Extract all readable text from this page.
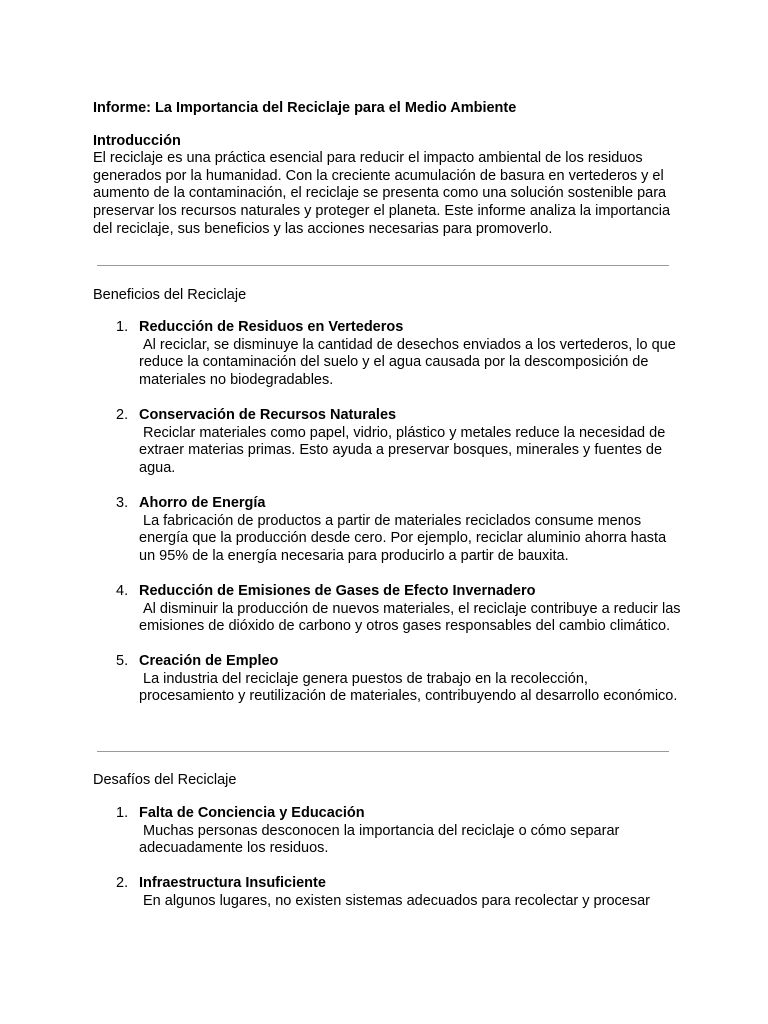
Informe: La Importancia del Reciclaje para el Medio Ambiente
Introducción
El reciclaje es una práctica esencial para reducir el impacto ambiental de los residuos generados por la humanidad. Con la creciente acumulación de basura en vertederos y el aumento de la contaminación, el reciclaje se presenta como una solución sostenible para preservar los recursos naturales y proteger el planeta. Este informe analiza la importancia del reciclaje, sus beneficios y las acciones necesarias para promoverlo.
Beneficios del Reciclaje
1. Reducción de Residuos en Vertederos
Al reciclar, se disminuye la cantidad de desechos enviados a los vertederos, lo que reduce la contaminación del suelo y el agua causada por la descomposición de materiales no biodegradables.
2. Conservación de Recursos Naturales
Reciclar materiales como papel, vidrio, plástico y metales reduce la necesidad de extraer materias primas. Esto ayuda a preservar bosques, minerales y fuentes de agua.
3. Ahorro de Energía
La fabricación de productos a partir de materiales reciclados consume menos energía que la producción desde cero. Por ejemplo, reciclar aluminio ahorra hasta un 95% de la energía necesaria para producirlo a partir de bauxita.
4. Reducción de Emisiones de Gases de Efecto Invernadero
Al disminuir la producción de nuevos materiales, el reciclaje contribuye a reducir las emisiones de dióxido de carbono y otros gases responsables del cambio climático.
5. Creación de Empleo
La industria del reciclaje genera puestos de trabajo en la recolección, procesamiento y reutilización de materiales, contribuyendo al desarrollo económico.
Desafíos del Reciclaje
1. Falta de Conciencia y Educación
Muchas personas desconocen la importancia del reciclaje o cómo separar adecuadamente los residuos.
2. Infraestructura Insuficiente
En algunos lugares, no existen sistemas adecuados para recolectar y procesar
